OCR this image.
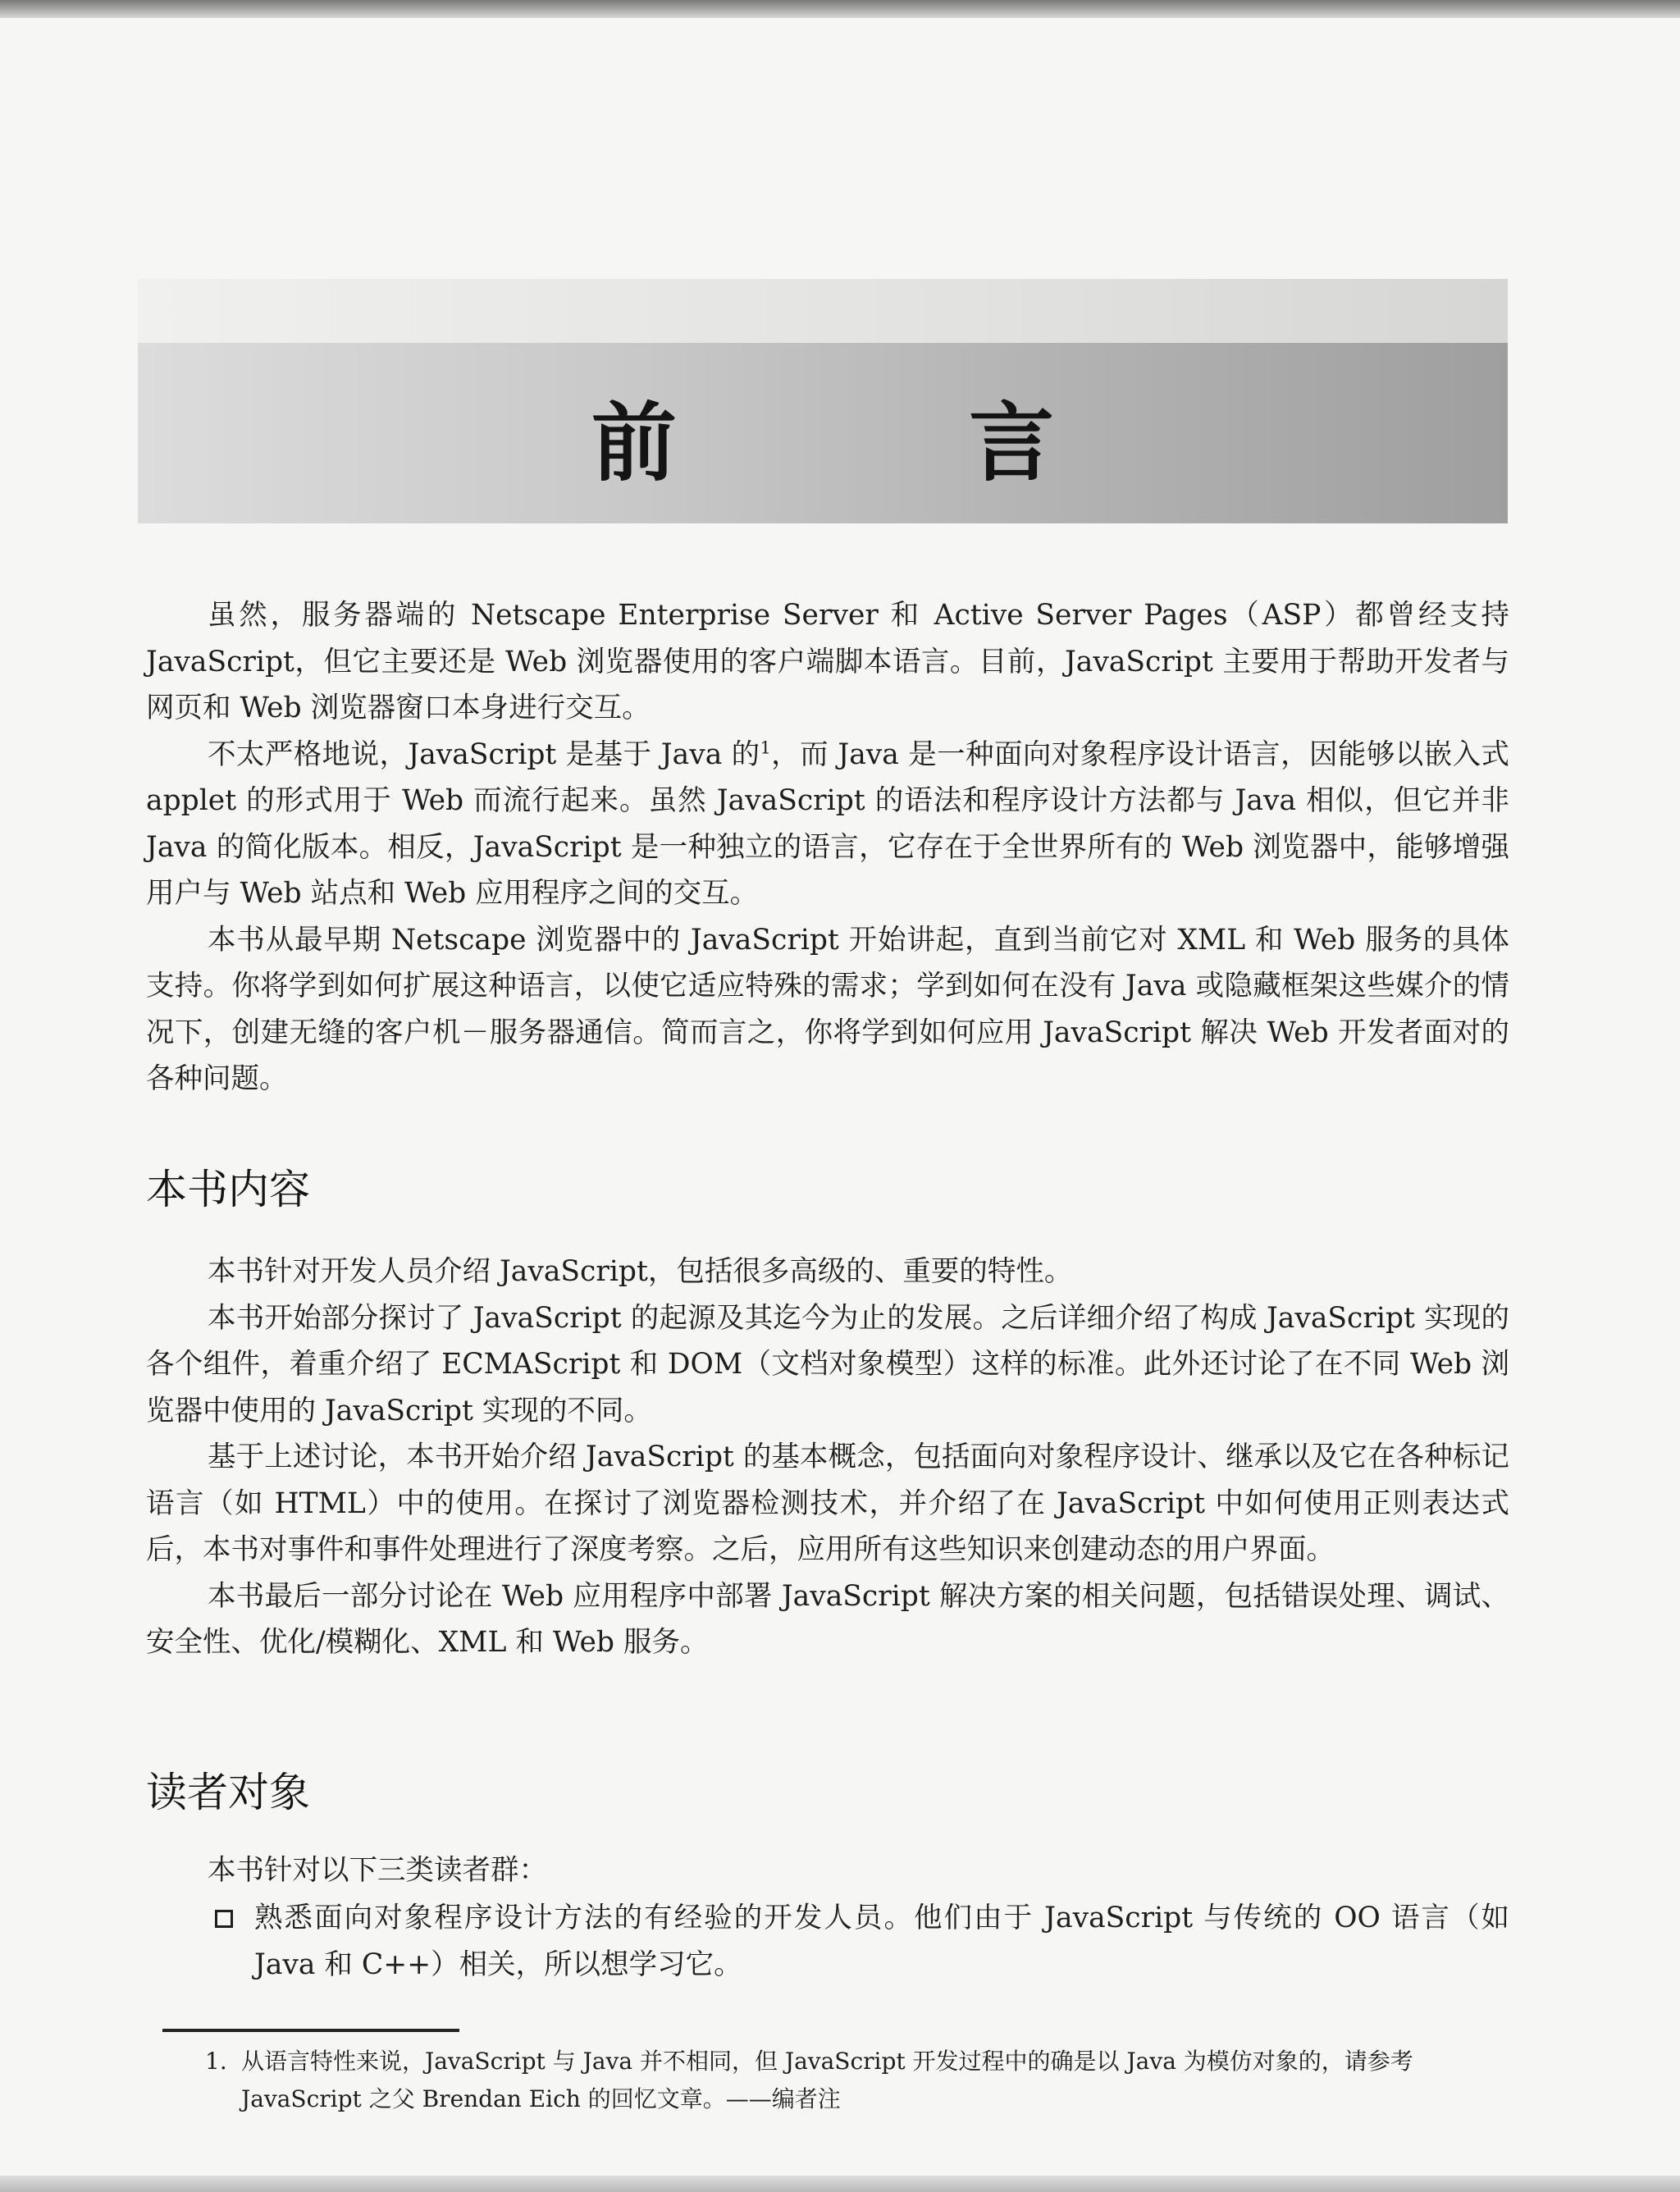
前 言

虽然，服务器端的 Netscape Enterprise Server 和 Active Server Pages（ASP）都曾经支持 JavaScript，但它主要还是 Web 浏览器使用的客户端脚本语言。目前，JavaScript 主要用于帮助开发者与网页和 Web 浏览器窗口本身进行交互。

不太严格地说，JavaScript 是基于 Java 的$^1$，而 Java 是一种面向对象程序设计语言，因能够以嵌入式 applet 的形式用于 Web 而流行起来。虽然 JavaScript 的语法和程序设计方法都与 Java 相似，但它并非 Java 的简化版本。相反，JavaScript 是一种独立的语言，它存在于全世界所有的 Web 浏览器中，能够增强用户与 Web 站点和 Web 应用程序之间的交互。

本书从最早期 Netscape 浏览器中的 JavaScript 开始讲起，直到当前它对 XML 和 Web 服务的具体支持。你将学到如何扩展这种语言，以使它适应特殊的需求；学到如何在没有 Java 或隐藏框架这些媒介的情况下，创建无缝的客户机－服务器通信。简而言之，你将学到如何应用 JavaScript 解决 Web 开发者面对的各种问题。

本书内容

本书针对开发人员介绍 JavaScript，包括很多高级的、重要的特性。

本书开始部分探讨了 JavaScript 的起源及其迄今为止的发展。之后详细介绍了构成 JavaScript 实现的各个组件，着重介绍了 ECMAScript 和 DOM（文档对象模型）这样的标准。此外还讨论了在不同 Web 浏览器中使用的 JavaScript 实现的不同。

基于上述讨论，本书开始介绍 JavaScript 的基本概念，包括面向对象程序设计、继承以及它在各种标记语言（如 HTML）中的使用。在探讨了浏览器检测技术，并介绍了在 JavaScript 中如何使用正则表达式后，本书对事件和事件处理进行了深度考察。之后，应用所有这些知识来创建动态的用户界面。

本书最后一部分讨论在 Web 应用程序中部署 JavaScript 解决方案的相关问题，包括错误处理、调试、安全性、优化/模糊化、XML 和 Web 服务。

读者对象

本书针对以下三类读者群：

熟悉面向对象程序设计方法的有经验的开发人员。他们由于 JavaScript 与传统的 OO 语言（如 Java 和 C++）相关，所以想学习它。
1. 从语言特性来说，JavaScript 与 Java 并不相同，但 JavaScript 开发过程中的确是以 Java 为模仿对象的，请参考
JavaScript 之父 Brendan Eich 的回忆文章。——编者注
